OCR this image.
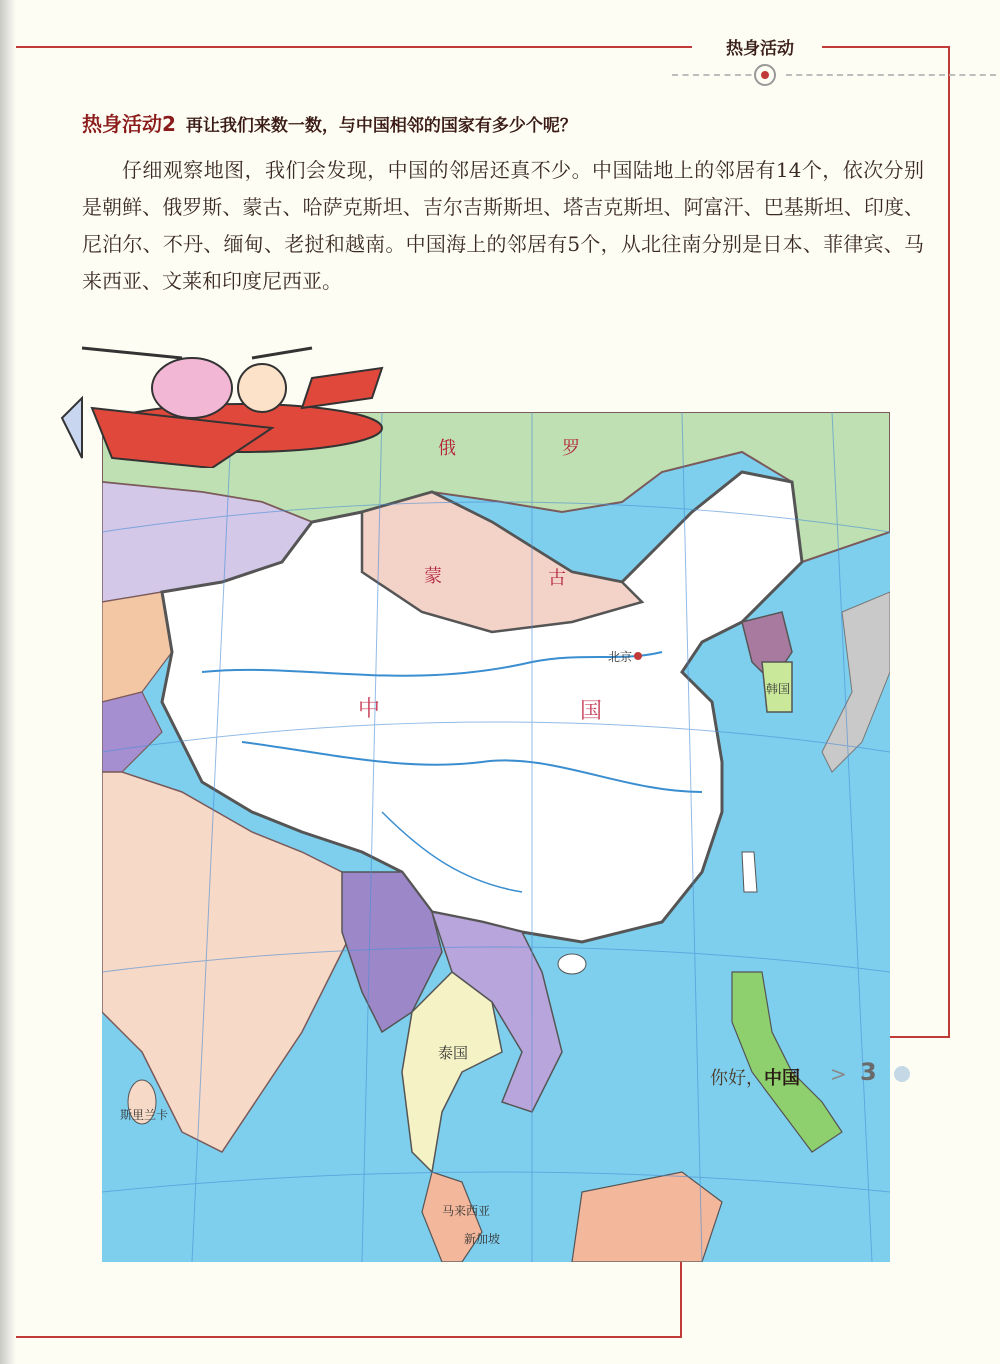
热身活动
热身活动2 再让我们来数一数，与中国相邻的国家有多少个呢？

仔细观察地图，我们会发现，中国的邻居还真不少。中国陆地上的邻居有14个，依次分别是朝鲜、俄罗斯、蒙古、哈萨克斯坦、吉尔吉斯斯坦、塔吉克斯坦、阿富汗、巴基斯坦、印度、尼泊尔、不丹、缅甸、老挝和越南。中国海上的邻居有5个，从北往南分别是日本、菲律宾、马来西亚、文莱和印度尼西亚。

俄	罗
蒙	古
中	国
北京
韩国
泰国
马来西亚
新加坡
斯里兰卡
你好，中国 > 3
